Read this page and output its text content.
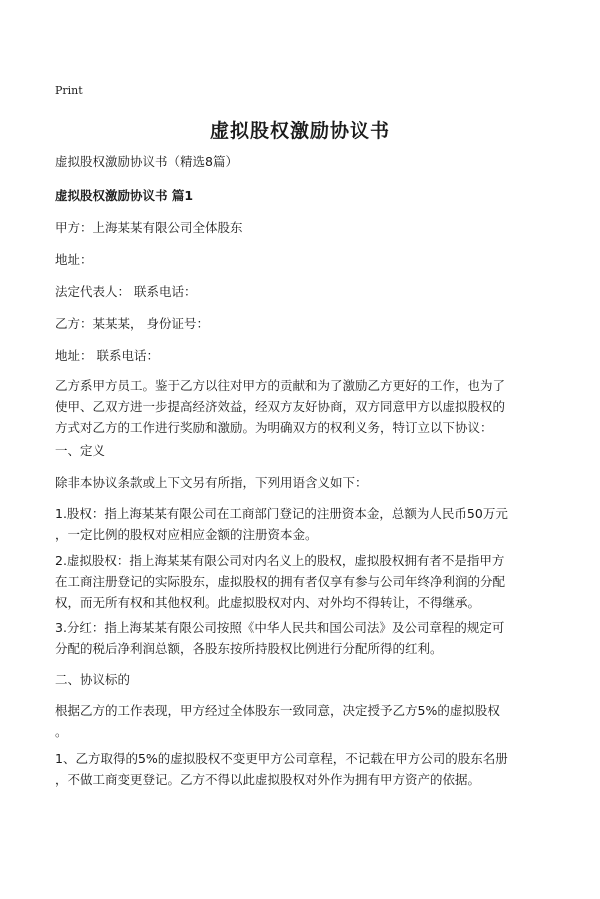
Print
虚拟股权激励协议书
虚拟股权激励协议书（精选8篇）
虚拟股权激励协议书 篇1
甲方：上海某某有限公司全体股东
地址：
法定代表人： 联系电话：
乙方：某某某， 身份证号：
地址： 联系电话：
乙方系甲方员工。鉴于乙方以往对甲方的贡献和为了激励乙方更好的工作，也为了
使甲、乙双方进一步提高经济效益，经双方友好协商，双方同意甲方以虚拟股权的
方式对乙方的工作进行奖励和激励。为明确双方的权利义务，特订立以下协议：
一、定义
除非本协议条款或上下文另有所指，下列用语含义如下：
1.股权：指上海某某有限公司在工商部门登记的注册资本金，总额为人民币50万元
，一定比例的股权对应相应金额的注册资本金。
2.虚拟股权：指上海某某有限公司对内名义上的股权，虚拟股权拥有者不是指甲方
在工商注册登记的实际股东，虚拟股权的拥有者仅享有参与公司年终净利润的分配
权，而无所有权和其他权利。此虚拟股权对内、对外均不得转让，不得继承。
3.分红：指上海某某有限公司按照《中华人民共和国公司法》及公司章程的规定可
分配的税后净利润总额，各股东按所持股权比例进行分配所得的红利。
二、协议标的
根据乙方的工作表现，甲方经过全体股东一致同意，决定授予乙方5%的虚拟股权
。
1、乙方取得的5%的虚拟股权不变更甲方公司章程，不记载在甲方公司的股东名册
，不做工商变更登记。乙方不得以此虚拟股权对外作为拥有甲方资产的依据。
